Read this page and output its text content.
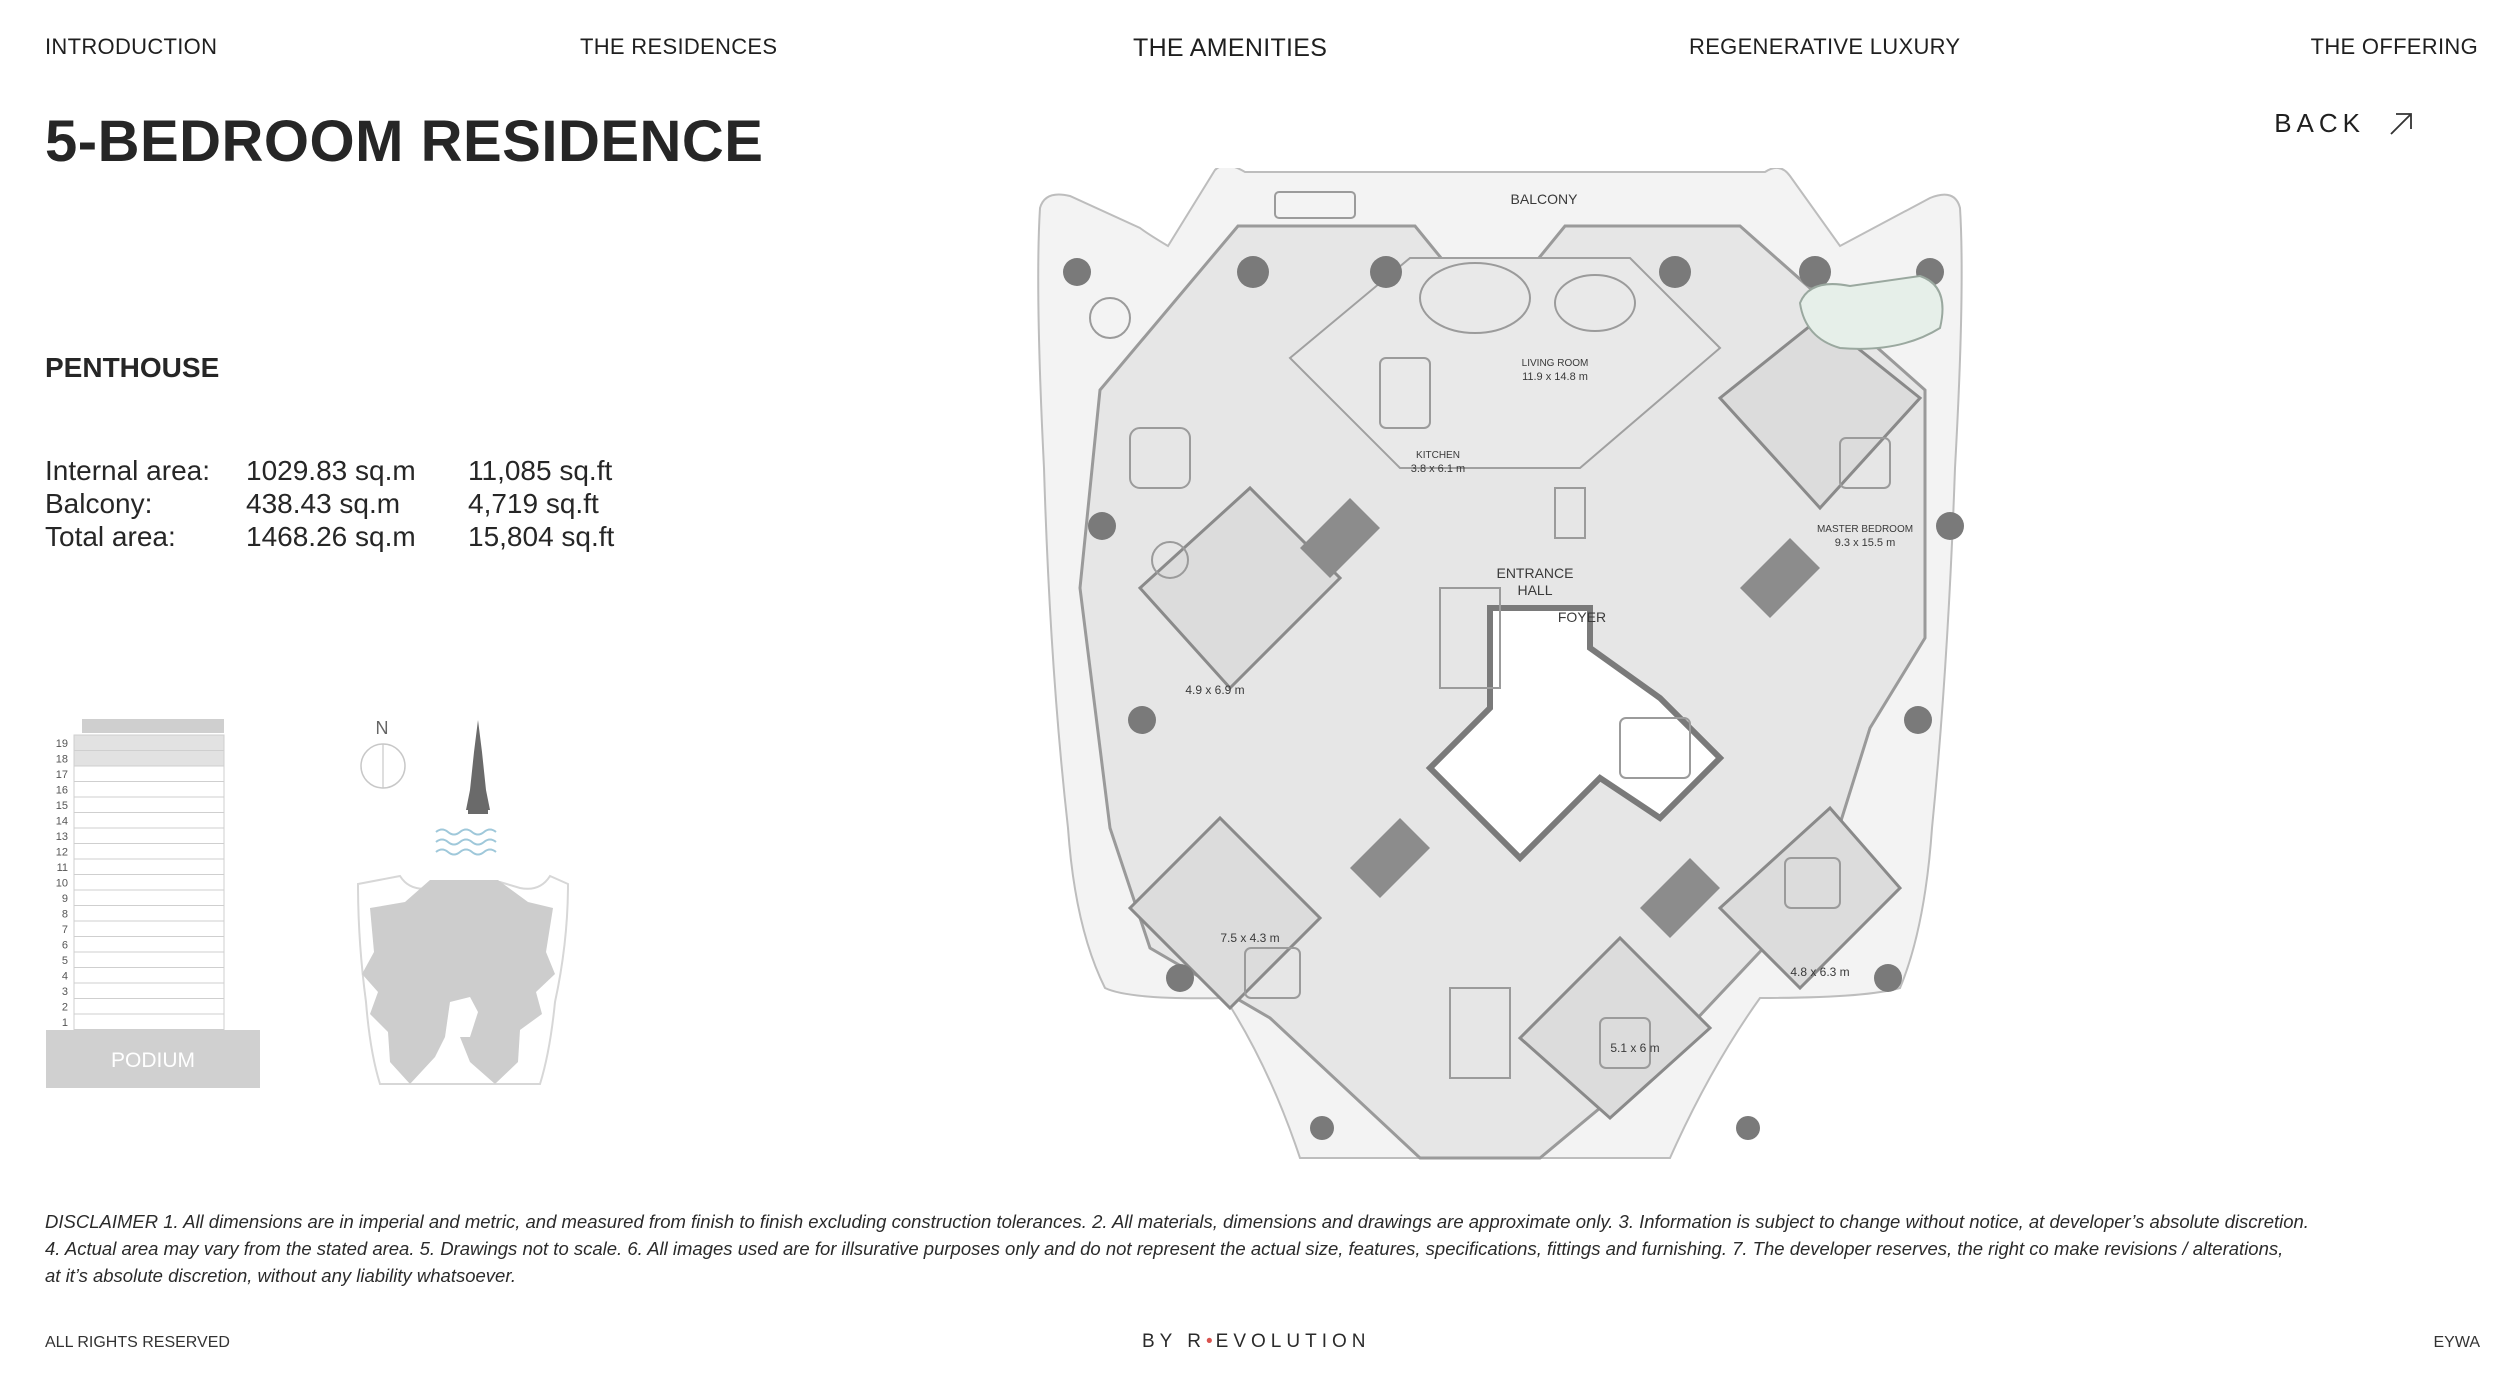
INTRODUCTION	THE RESIDENCES	THE AMENITIES	REGENERATIVE LUXURY	THE OFFERING
5-BEDROOM RESIDENCE	BACK
PENTHOUSE
Internal area:	1029.83 sq.m	11,085 sq.ft
Balcony:	438.43 sq.m	4,719 sq.ft
Total area:	1468.26 sq.m	15,804 sq.ft
19
18
17
16
15
14
13
12
11
10
9
8
7
6
5
4
3
2
1
PODIUM
N
BALCONY
LIVING ROOM
11.9 x 14.8 m
KITCHEN
3.8 x 6.1 m
ENTRANCE
HALL
FOYER
MASTER BEDROOM
9.3 x 15.5 m
4.9 x 6.9 m
7.5 x 4.3 m
4.8 x 6.3 m
5.1 x 6 m
DISCLAIMER 1. All dimensions are in imperial and metric, and measured from finish to finish excluding construction tolerances. 2. All materials, dimensions and drawings are approximate only. 3. Information is subject to change without notice, at developer’s absolute discretion.
4. Actual area may vary from the stated area. 5. Drawings not to scale. 6. All images used are for illsurative purposes only and do not represent the actual size, features, specifications, fittings and furnishing. 7. The developer reserves, the right co make revisions / alterations,
at it’s absolute discretion, without any liability whatsoever.
ALL RIGHTS RESERVED	BY R•EVOLUTION	EYWA
